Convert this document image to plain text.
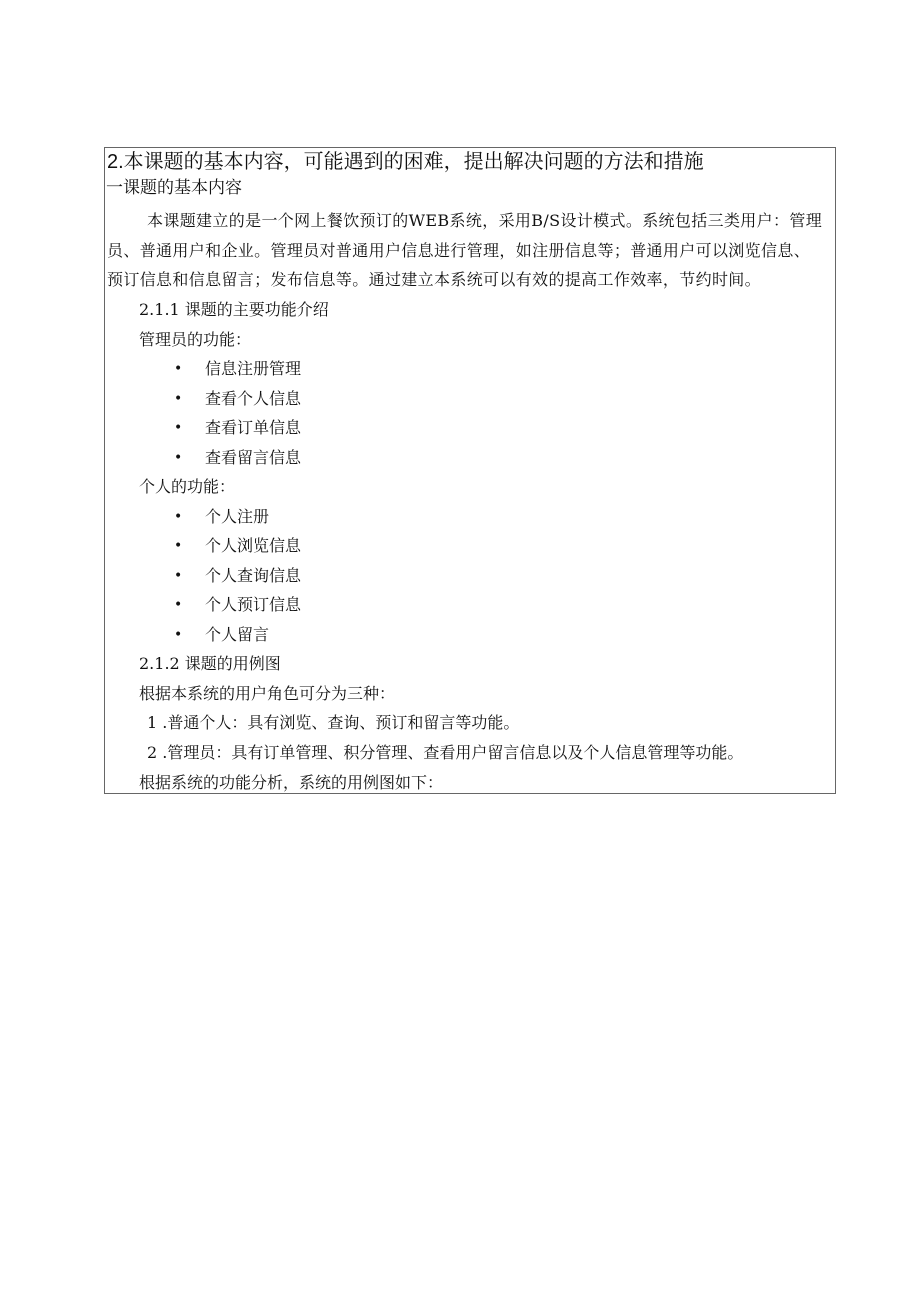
2.本课题的基本内容，可能遇到的困难，提出解决问题的方法和措施
一课题的基本内容
本课题建立的是一个网上餐饮预订的WEB系统，采用B/S设计模式。系统包括三类用户：管理
员、普通用户和企业。管理员对普通用户信息进行管理，如注册信息等；普通用户可以浏览信息、
预订信息和信息留言；发布信息等。通过建立本系统可以有效的提高工作效率，节约时间。
2.1.1 课题的主要功能介绍
管理员的功能：
• 信息注册管理
• 查看个人信息
• 查看订单信息
• 查看留言信息
个人的功能：
• 个人注册
• 个人浏览信息
• 个人查询信息
• 个人预订信息
• 个人留言
2.1.2 课题的用例图
根据本系统的用户角色可分为三种：
1 .普通个人：具有浏览、查询、预订和留言等功能。
2 .管理员：具有订单管理、积分管理、查看用户留言信息以及个人信息管理等功能。
根据系统的功能分析，系统的用例图如下：
